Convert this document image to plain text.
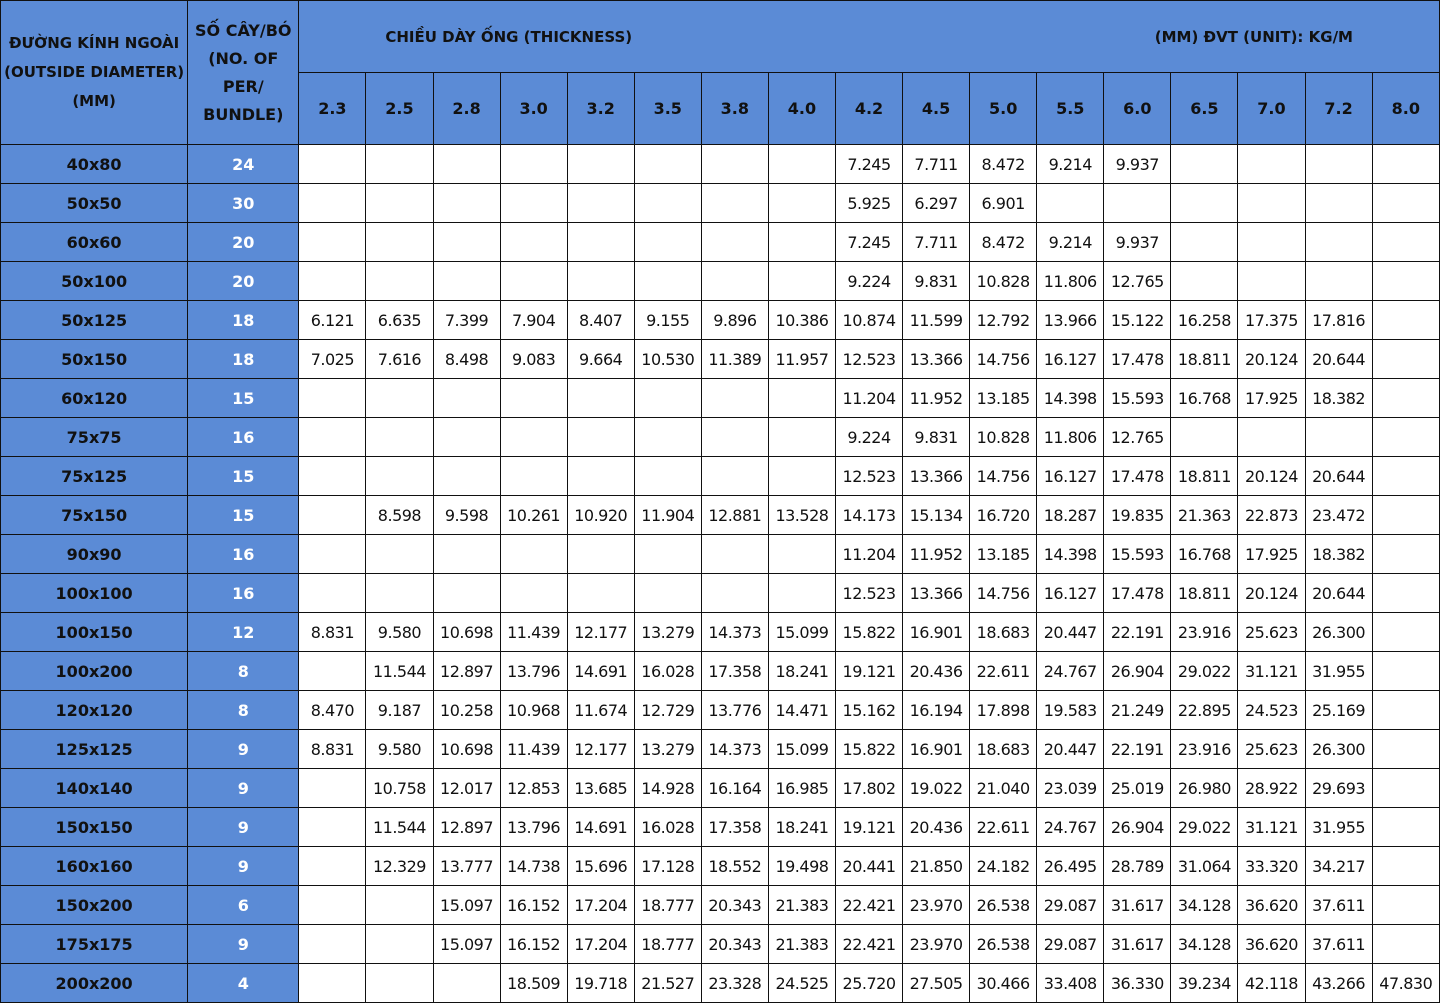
ĐƯỜNG KÍNH NGOÀI (OUTSIDE DIAMETER) (MM)	SỐ CÂY/BÓ (NO. OF PER/ BUNDLE)	CHIỀU DÀY ỐNG (THICKNESS) (MM) ĐVT (UNIT): KG/M																

		2.3	2.5	2.8	3.0	3.2	3.5	3.8	4.0	4.2	4.5	5.0	5.5	6.0	6.5	7.0	7.2	8.0
40x80	24									7.245	7.711	8.472	9.214	9.937				
50x50	30									5.925	6.297	6.901						
60x60	20									7.245	7.711	8.472	9.214	9.937				
50x100	20									9.224	9.831	10.828	11.806	12.765				
50x125	18	6.121	6.635	7.399	7.904	8.407	9.155	9.896	10.386	10.874	11.599	12.792	13.966	15.122	16.258	17.375	17.816	
50x150	18	7.025	7.616	8.498	9.083	9.664	10.530	11.389	11.957	12.523	13.366	14.756	16.127	17.478	18.811	20.124	20.644	
60x120	15									11.204	11.952	13.185	14.398	15.593	16.768	17.925	18.382	
75x75	16									9.224	9.831	10.828	11.806	12.765				
75x125	15									12.523	13.366	14.756	16.127	17.478	18.811	20.124	20.644	
75x150	15		8.598	9.598	10.261	10.920	11.904	12.881	13.528	14.173	15.134	16.720	18.287	19.835	21.363	22.873	23.472	
90x90	16									11.204	11.952	13.185	14.398	15.593	16.768	17.925	18.382	
100x100	16									12.523	13.366	14.756	16.127	17.478	18.811	20.124	20.644	
100x150	12	8.831	9.580	10.698	11.439	12.177	13.279	14.373	15.099	15.822	16.901	18.683	20.447	22.191	23.916	25.623	26.300	
100x200	8		11.544	12.897	13.796	14.691	16.028	17.358	18.241	19.121	20.436	22.611	24.767	26.904	29.022	31.121	31.955	
120x120	8	8.470	9.187	10.258	10.968	11.674	12.729	13.776	14.471	15.162	16.194	17.898	19.583	21.249	22.895	24.523	25.169	
125x125	9	8.831	9.580	10.698	11.439	12.177	13.279	14.373	15.099	15.822	16.901	18.683	20.447	22.191	23.916	25.623	26.300	
140x140	9		10.758	12.017	12.853	13.685	14.928	16.164	16.985	17.802	19.022	21.040	23.039	25.019	26.980	28.922	29.693	
150x150	9		11.544	12.897	13.796	14.691	16.028	17.358	18.241	19.121	20.436	22.611	24.767	26.904	29.022	31.121	31.955	
160x160	9		12.329	13.777	14.738	15.696	17.128	18.552	19.498	20.441	21.850	24.182	26.495	28.789	31.064	33.320	34.217	
150x200	6			15.097	16.152	17.204	18.777	20.343	21.383	22.421	23.970	26.538	29.087	31.617	34.128	36.620	37.611	
175x175	9			15.097	16.152	17.204	18.777	20.343	21.383	22.421	23.970	26.538	29.087	31.617	34.128	36.620	37.611	
200x200	4				18.509	19.718	21.527	23.328	24.525	25.720	27.505	30.466	33.408	36.330	39.234	42.118	43.266	47.830
